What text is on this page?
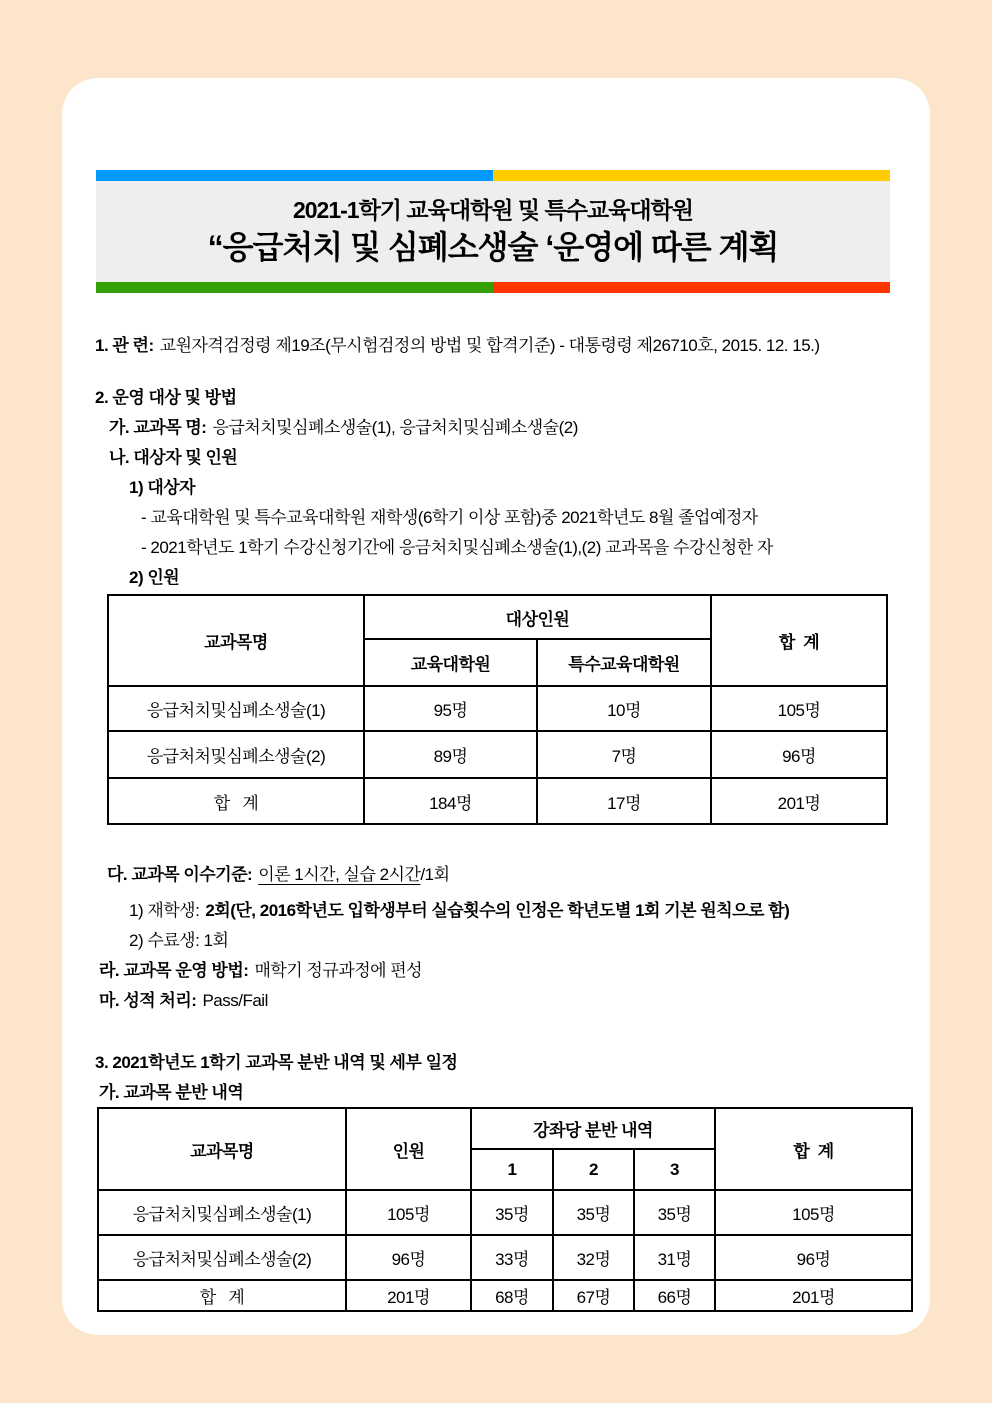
2021-1학기 교육대학원 및 특수교육대학원
“응급처치 및 심폐소생술 ‘운영에 따른 계획

1. 관 련: 교원자격검정령 제19조(무시험검정의 방법 및 합격기준) - 대통령령 제26710호, 2015. 12. 15.)

2. 운영 대상 및 방법

가. 교과목 명: 응급처치및심폐소생술(1), 응급처치및심폐소생술(2)

나. 대상자 및 인원

1) 대상자

- 교육대학원 및 특수교육대학원 재학생(6학기 이상 포함)중 2021학년도 8월 졸업예정자

- 2021학년도 1학기 수강신청기간에 응금처치및심폐소생술(1),(2) 교과목을 수강신청한 자

2) 인원

교과목명	대상인원		합  계
	교육대학원	특수교육대학원	
응급처치및심폐소생술(1)	95명	10명	105명
응급처처및심폐소생술(2)	89명	7명	96명
합   계	184명	17명	201명

다. 교과목 이수기준: 이론 1시간, 실습 2시간/1회

1) 재학생: 2회(단, 2016학년도 입학생부터 실습횟수의 인정은 학년도별 1회 기본 원칙으로 함)

2) 수료생: 1회

라. 교과목 운영 방법: 매학기 정규과정에 편성

마. 성적 처리: Pass/Fail

3. 2021학년도 1학기 교과목 분반 내역 및 세부 일정

가. 교과목 분반 내역

교과목명	인원	강좌당 분반 내역			합  계
		1	2	3	
응급처치및심폐소생술(1)	105명	35명	35명	35명	105명
응급처처및심폐소생술(2)	96명	33명	32명	31명	96명
합   계	201명	68명	67명	66명	201명
